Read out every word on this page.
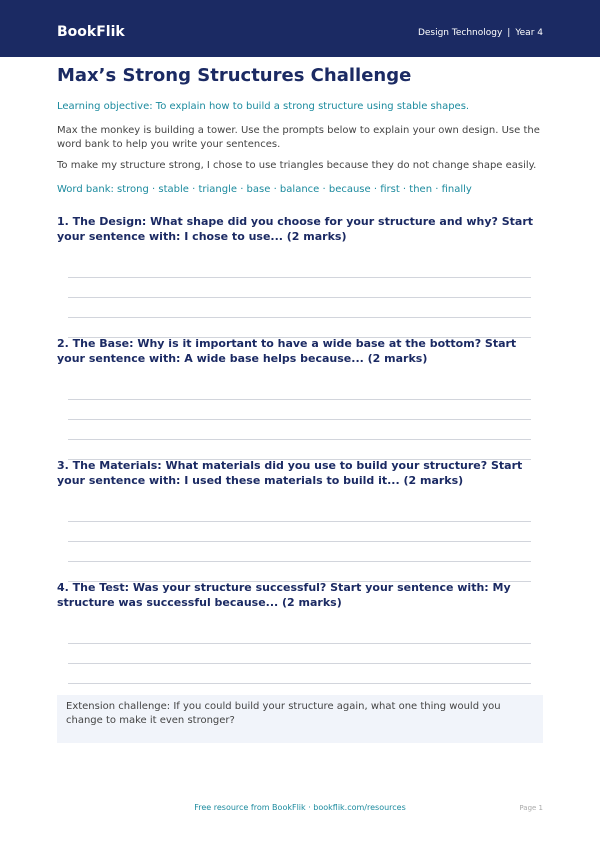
BookFlik	Design Technology | Year 4
Max’s Strong Structures Challenge

Learning objective: To explain how to build a strong structure using stable shapes.

Max the monkey is building a tower. Use the prompts below to explain your own design. Use the word bank to help you write your sentences.

To make my structure strong, I chose to use triangles because they do not change shape easily.

Word bank: strong · stable · triangle · base · balance · because · first · then · finally

1. The Design: What shape did you choose for your structure and why? Start your sentence with: I chose to use... (2 marks)
2. The Base: Why is it important to have a wide base at the bottom? Start your sentence with: A wide base helps because... (2 marks)
3. The Materials: What materials did you use to build your structure? Start your sentence with: I used these materials to build it... (2 marks)
4. The Test: Was your structure successful? Start your sentence with: My structure was successful because... (2 marks)
Extension challenge: If you could build your structure again, what one thing would you change to make it even stronger?
Free resource from BookFlik · bookflik.com/resources	Page 1
